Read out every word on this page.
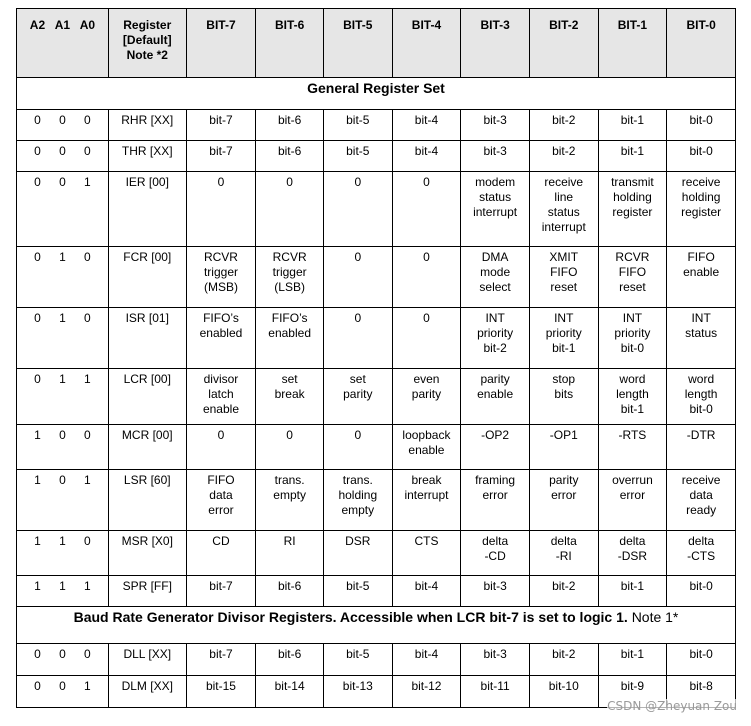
A2 A1 A0	Register
[Default]
Note *2	BIT-7	BIT-6	BIT-5	BIT-4	BIT-3	BIT-2	BIT-1	BIT-0
General Register Set									

0 0 0	RHR [XX]	bit-7	bit-6	bit-5	bit-4	bit-3	bit-2	bit-1	bit-0

0 0 0	THR [XX]	bit-7	bit-6	bit-5	bit-4	bit-3	bit-2	bit-1	bit-0

0 0 1	IER [00]	0	0	0	0	modem
status
interrupt	receive
line
status
interrupt	transmit
holding
register	receive
holding
register

0 1 0	FCR [00]	RCVR
trigger
(MSB)	RCVR
trigger
(LSB)	0	0	DMA
mode
select	XMIT
FIFO
reset	RCVR
FIFO
reset	FIFO
enable

0 1 0	ISR [01]	FIFO’s
enabled	FIFO’s
enabled	0	0	INT
priority
bit-2	INT
priority
bit-1	INT
priority
bit-0	INT
status

0 1 1	LCR [00]	divisor
latch
enable	set
break	set
parity	even
parity	parity
enable	stop
bits	word
length
bit-1	word
length
bit-0

1 0 0	MCR [00]	0	0	0	loopback
enable	-OP2	-OP1	-RTS	-DTR

1 0 1	LSR [60]	FIFO
data
error	trans.
empty	trans.
holding
empty	break
interrupt	framing
error	parity
error	overrun
error	receive
data
ready

1 1 0	MSR [X0]	CD	RI	DSR	CTS	delta
-CD	delta
-RI	delta
-DSR	delta
-CTS

1 1 1	SPR [FF]	bit-7	bit-6	bit-5	bit-4	bit-3	bit-2	bit-1	bit-0

Baud Rate Generator Divisor Registers. Accessible when LCR bit-7 is set to logic 1. Note 1*									

0 0 0	DLL [XX]	bit-7	bit-6	bit-5	bit-4	bit-3	bit-2	bit-1	bit-0

0 0 1	DLM [XX]	bit-15	bit-14	bit-13	bit-12	bit-11	bit-10	bit-9	bit-8
CSDN @Zheyuan Zou
